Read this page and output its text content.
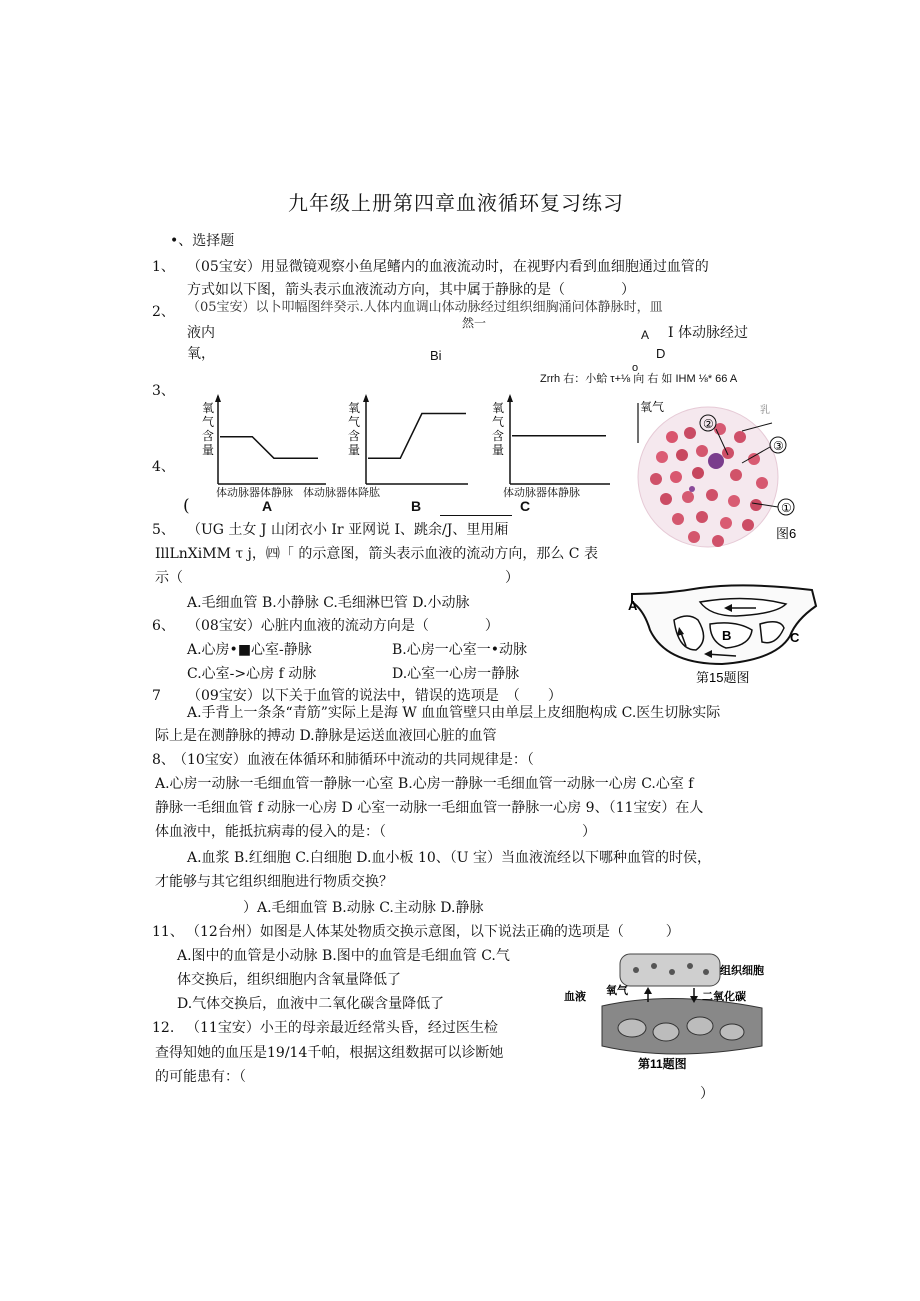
九年级上册第四章血液循环复习练习
•、选择题
1、 （05宝安）用显微镜观察小鱼尾鳍内的血液流动时，在视野内看到血细胞通过血管的
方式如以下图，箭头表示血液流动方向，其中属于静脉的是（　　　　）
2、 （05宝安）以卜叩幅图绊癸示.人体内血调山体动脉经过组织细胸涌问体静脉时，皿
然一
液内
氧，	Bi
A I 体动脉经过
D
o
Zrrh 右：小蛤 τ+⅛ 向 右 如 IHM ⅛* 66 A
3、
4、
(
氧
气
含
量
氧
气
含
量
氧
气
含
量
体动脉器体静脉 体动脉器体降肱	体动脉器体静脉
A	B	C
氧气
②
③
①
乳
图6
5、 （UG 土女 J 山闭衣小 Ir 亚网说 I、跳余/J、里用厢
IllLnXiMM τ j，㈣「 的示意图，箭头表示血液的流动方向，那么 C 表
示（　　　　　　　　　　　　　　　　　　　　　　　）
A.毛细血管 B.小静脉 C.毛细淋巴管 D.小动脉	A
B	C
第15题图
6、 （08宝安）心脏内血液的流动方向是（　　　　）
A.心房•■心室-静脉	B.心房一心室一•动脉
C.心室->心房 f 动脉	D.心室一心房一静脉
7 （09宝安）以下关于血管的说法中，错误的选项是　（　　）
A.手背上一条条“青筋”实际上是海 W 血血管壁只由单层上皮细胞构成 C.医生切脉实际
际上是在测静脉的搏动 D.静脉是运送血液回心脏的血管
8、
（10宝安）血液在体循环和肺循环中流动的共同规律是：（
A.心房一动脉一毛细血管一静脉一心室 B.心房一静脉一毛细血管一动脉一心房 C.心室 f
静脉一毛细血管 f 动脉一心房 D 心室一动脉一毛细血管一静脉一心房 9、（11宝安）在人
体血液中，能抵抗病毒的侵入的是：（　　　　　　　　　　　　　　）
A.血浆 B.红细胞 C.白细胞 D.血小板 10、（U 宝）当血液流经以下哪种血管的时侯，
才能够与其它组织细胞进行物质交换？
）A.毛细血管 B.动脉 C.主动脉 D.静脉
11、 （12台州）如图是人体某处物质交换示意图，以下说法正确的选项是（　　　）
A.图中的血管是小动脉 B.图中的血管是毛细血管 C.气
体交换后，组织细胞内含氧量降低了
D.气体交换后，血液中二氧化碳含量降低了
组织细胞
血液 氧气	二氧化碳
第11题图
12. （11宝安）小王的母亲最近经常头昏，经过医生检
查得知她的血压是19/14千帕，根据这组数据可以诊断她
的可能患有：（
）
